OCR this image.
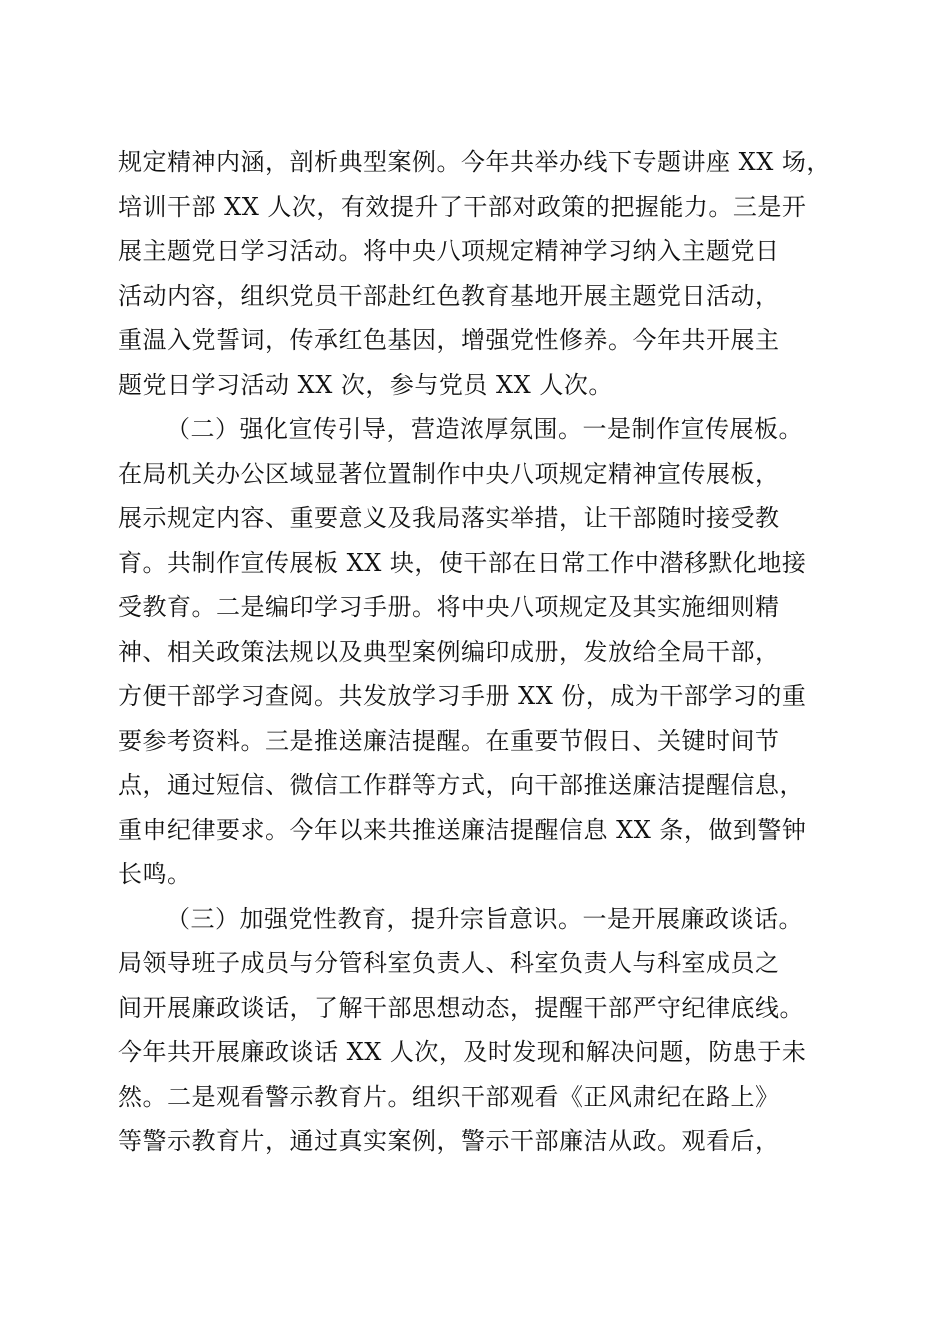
规定精神内涵，剖析典型案例。今年共举办线下专题讲座 XX 场，
培训干部 XX 人次，有效提升了干部对政策的把握能力。三是开
展主题党日学习活动。将中央八项规定精神学习纳入主题党日
活动内容，组织党员干部赴红色教育基地开展主题党日活动，
重温入党誓词，传承红色基因，增强党性修养。今年共开展主
题党日学习活动 XX 次，参与党员 XX 人次。
（二）强化宣传引导，营造浓厚氛围。一是制作宣传展板。
在局机关办公区域显著位置制作中央八项规定精神宣传展板，
展示规定内容、重要意义及我局落实举措，让干部随时接受教
育。共制作宣传展板 XX 块，使干部在日常工作中潜移默化地接
受教育。二是编印学习手册。将中央八项规定及其实施细则精
神、相关政策法规以及典型案例编印成册，发放给全局干部，
方便干部学习查阅。共发放学习手册 XX 份，成为干部学习的重
要参考资料。三是推送廉洁提醒。在重要节假日、关键时间节
点，通过短信、微信工作群等方式，向干部推送廉洁提醒信息，
重申纪律要求。今年以来共推送廉洁提醒信息 XX 条，做到警钟
长鸣。
（三）加强党性教育，提升宗旨意识。一是开展廉政谈话。
局领导班子成员与分管科室负责人、科室负责人与科室成员之
间开展廉政谈话，了解干部思想动态，提醒干部严守纪律底线。
今年共开展廉政谈话 XX 人次，及时发现和解决问题，防患于未
然。二是观看警示教育片。组织干部观看《正风肃纪在路上》
等警示教育片，通过真实案例，警示干部廉洁从政。观看后，
